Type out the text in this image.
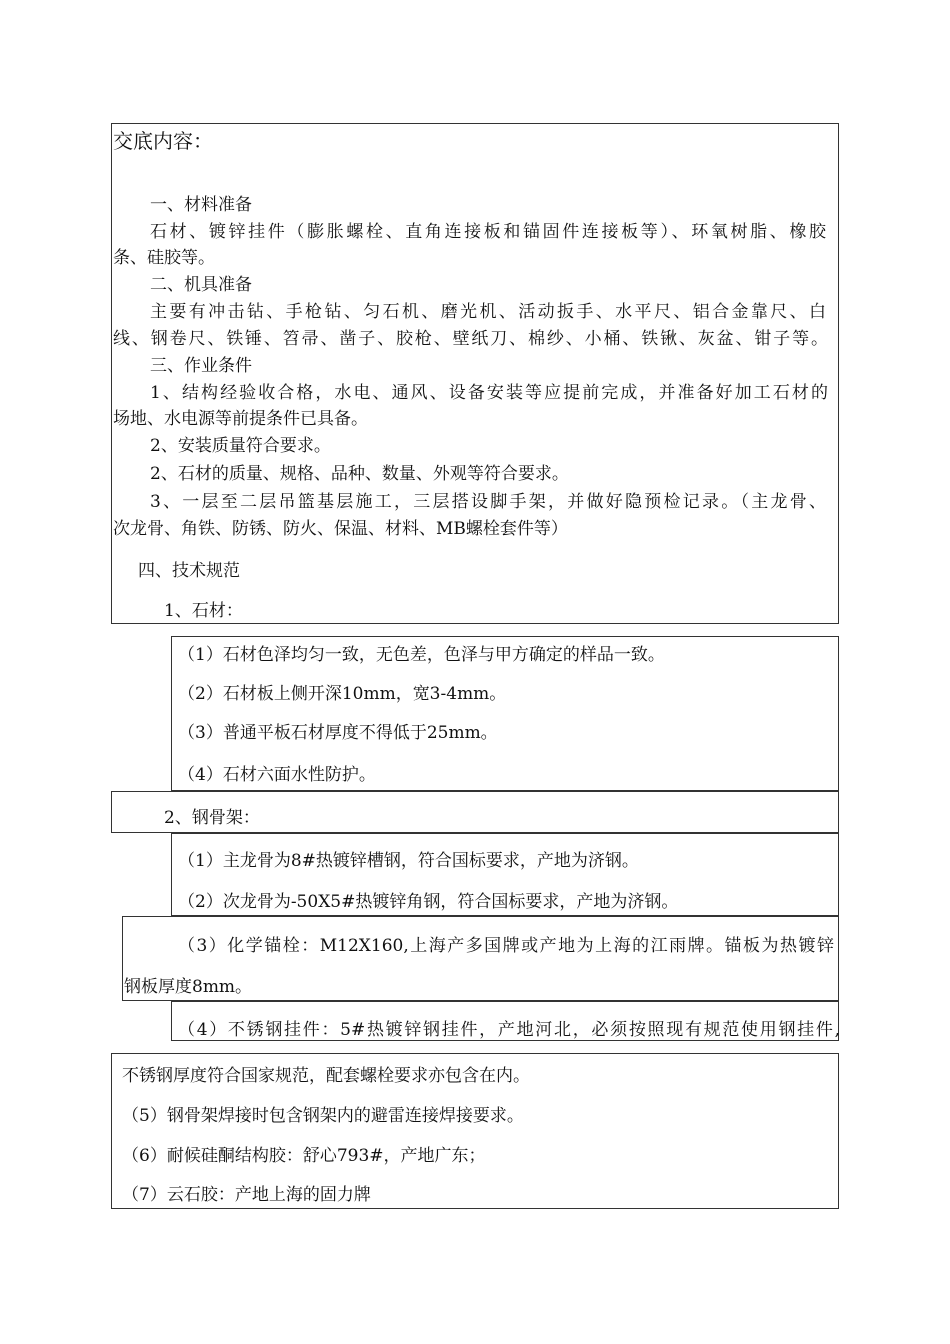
交底内容：
一、材料准备
石材、镀锌挂件（膨胀螺栓、直角连接板和锚固件连接板等）、环氧树脂、橡胶
条、硅胶等。
二、机具准备
主要有冲击钻、手枪钻、匀石机、磨光机、活动扳手、水平尺、铝合金靠尺、白
线、钢卷尺、铁锤、笤帚、凿子、胶枪、壁纸刀、棉纱、小桶、铁锹、灰盆、钳子等。
三、作业条件
1、结构经验收合格，水电、通风、设备安装等应提前完成，并准备好加工石材的
场地、水电源等前提条件已具备。
2、安装质量符合要求。
2、石材的质量、规格、品种、数量、外观等符合要求。
3、一层至二层吊篮基层施工，三层搭设脚手架，并做好隐预检记录。（主龙骨、
次龙骨、角铁、防锈、防火、保温、材料、MB螺栓套件等）
四、技术规范
1、石材：
（1）石材色泽均匀一致，无色差，色泽与甲方确定的样品一致。
（2）石材板上侧开深10mm，宽3-4mm。
（3）普通平板石材厚度不得低于25mm。
（4）石材六面水性防护。
2、钢骨架：
（1）主龙骨为8#热镀锌槽钢，符合国标要求，产地为济钢。
（2）次龙骨为-50X5#热镀锌角钢，符合国标要求，产地为济钢。
（3）化学锚栓：M12X160,上海产多国牌或产地为上海的江雨牌。锚板为热镀锌
钢板厚度8mm。
（4）不锈钢挂件：5#热镀锌钢挂件，产地河北，必须按照现有规范使用钢挂件,
不锈钢厚度符合国家规范，配套螺栓要求亦包含在内。
（5）钢骨架焊接时包含钢架内的避雷连接焊接要求。
（6）耐候硅酮结构胶：舒心793#，产地广东；
（7）云石胶：产地上海的固力牌
